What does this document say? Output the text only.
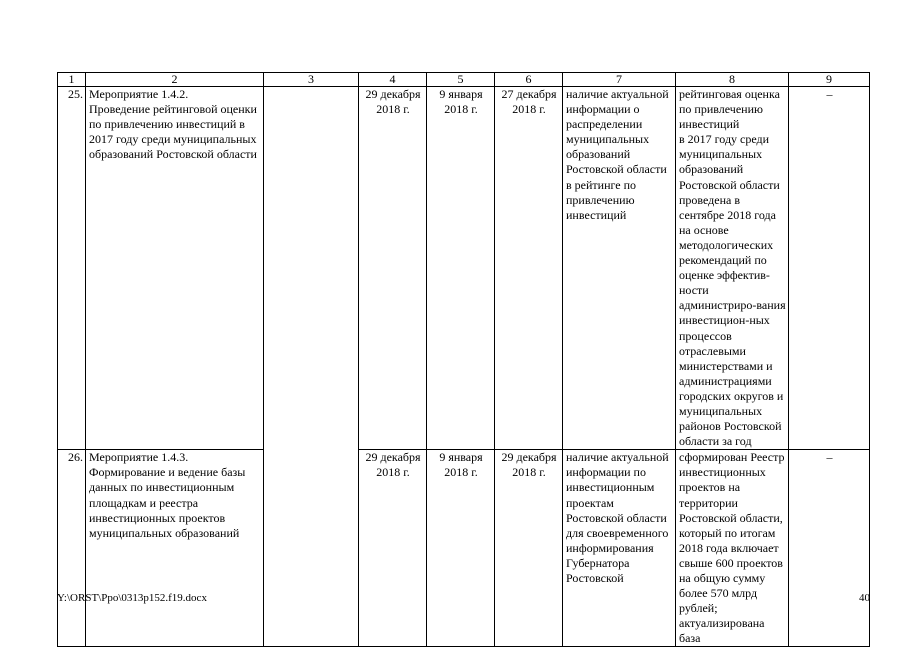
1	2	3	4	5	6	7	8	9
25.	Мероприятие 1.4.2.
Проведение рейтинговой оценки по привлечению инвестиций в 2017 году среди муниципальных образований Ростовской области		29 декабря 2018 г.	9 января 2018 г.	27 декабря 2018 г.	наличие актуальной информации о распределении муниципальных образований Ростовской области в рейтинге по привлечению инвестиций	рейтинговая оценка по привлечению инвестиций
в 2017 году среди муниципальных образований Ростовской области проведена в сентябре 2018 года на основе методологических рекомендаций по оценке эффектив-ности администриро-вания инвестицион-ных процессов отраслевыми министерствами и администрациями городских округов и муниципальных районов Ростовской области за год	–
26.	Мероприятие 1.4.3.
Формирование и ведение базы данных по инвестиционным площадкам и реестра инвестиционных проектов муниципальных образований		29 декабря 2018 г.	9 января 2018 г.	29 декабря 2018 г.	наличие актуальной информации по инвестиционным проектам Ростовской области для своевременного информирования Губернатора Ростовской	сформирован Реестр инвестиционных проектов на территории Ростовской области, который по итогам 2018 года включает свыше 600 проектов на общую сумму более 570 млрд рублей; актуализирована база	–
Y:\ORST\Ppo\0313p152.f19.docx	40
